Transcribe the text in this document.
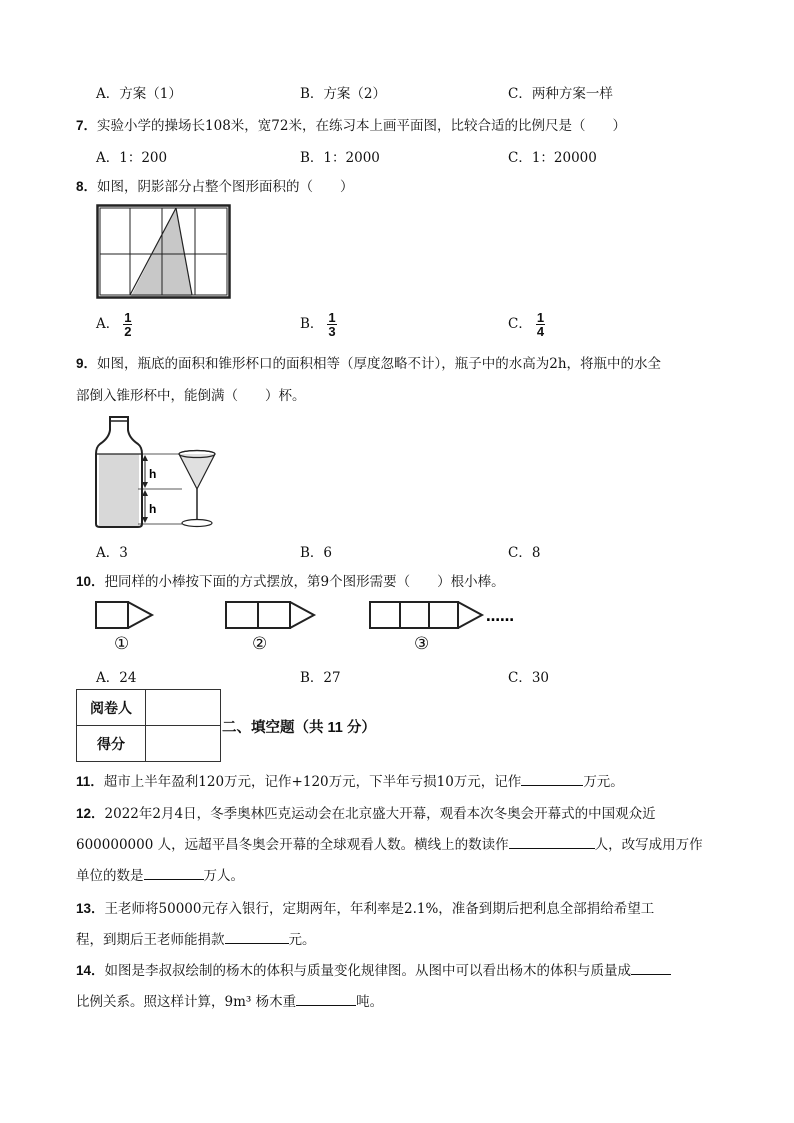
A．方案（1）	B．方案（2）	C．两种方案一样
7．实验小学的操场长108米，宽72米，在练习本上画平面图，比较合适的比例尺是（　　）
A．1：200	B．1：2000	C．1：20000
8．如图，阴影部分占整个图形面积的（　　）
A． $\frac{1}{2}$	B． $\frac{1}{3}$	C． $\frac{1}{4}$
9．如图，瓶底的面积和锥形杯口的面积相等（厚度忽略不计），瓶子中的水高为2h，将瓶中的水全
部倒入锥形杯中，能倒满（　　）杯。
h
h
A．3	B．6	C．8
10．把同样的小棒按下面的方式摆放，第9个图形需要（　　）根小棒。
……
①	②	③
A．24	B．27	C．30
阅卷人	
得分	
二、填空题（共 11 分）
11．超市上半年盈利120万元，记作+120万元，下半年亏损10万元，记作	万元。
12．2022年2月4日，冬季奥林匹克运动会在北京盛大开幕，观看本次冬奥会开幕式的中国观众近
600000000 人，远超平昌冬奥会开幕的全球观看人数。横线上的数读作	人，改写成用万作
单位的数是	万人。
13．王老师将50000元存入银行，定期两年，年利率是2.1%，准备到期后把利息全部捐给希望工
程，到期后王老师能捐款	元。
14．如图是李叔叔绘制的杨木的体积与质量变化规律图。从图中可以看出杨木的体积与质量成
比例关系。照这样计算，9m³ 杨木重	吨。
